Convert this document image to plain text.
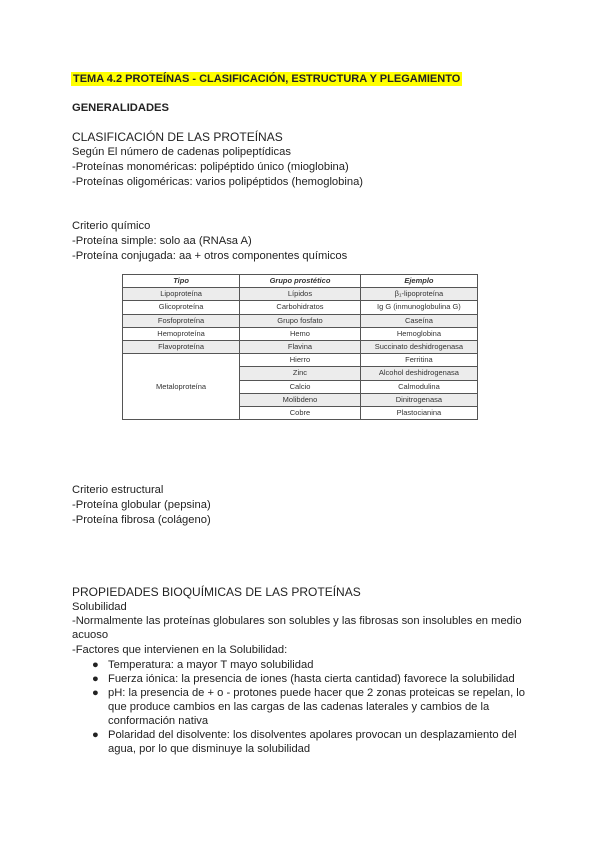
TEMA 4.2 PROTEÍNAS - CLASIFICACIÓN, ESTRUCTURA Y PLEGAMIENTO
GENERALIDADES
CLASIFICACIÓN DE LAS PROTEÍNAS
Según El número de cadenas polipeptídicas
-Proteínas monoméricas: polipéptido único (mioglobina)
-Proteínas oligoméricas: varios polipéptidos (hemoglobina)
Criterio químico
-Proteína simple: solo aa (RNAsa A)
-Proteína conjugada: aa + otros componentes químicos
Tipo	Grupo prostético	Ejemplo
Lipoproteína	Lípidos	β₁-lipoproteína
Glicoproteína	Carbohidratos	Ig G (inmunoglobulina G)
Fosfoproteína	Grupo fosfato	Caseína
Hemoproteína	Hemo	Hemoglobina
Flavoproteína	Flavina	Succinato deshidrogenasa
Metaloproteína	Hierro	Ferritina
	Zinc	Alcohol deshidrogenasa
	Calcio	Calmodulina
	Molibdeno	Dinitrogenasa
	Cobre	Plastocianina
Criterio estructural
-Proteína globular (pepsina)
-Proteína fibrosa (colágeno)
PROPIEDADES BIOQUÍMICAS DE LAS PROTEÍNAS
Solubilidad
-Normalmente las proteínas globulares son solubles y las fibrosas son insolubles en medio acuoso
-Factores que intervienen en la Solubilidad:
● Temperatura: a mayor T mayo solubilidad
● Fuerza iónica: la presencia de iones (hasta cierta cantidad) favorece la solubilidad
● pH: la presencia de + o - protones puede hacer que 2 zonas proteicas se repelan, lo que produce cambios en las cargas de las cadenas laterales y cambios de la conformación nativa
● Polaridad del disolvente: los disolventes apolares provocan un desplazamiento del agua, por lo que disminuye la solubilidad
